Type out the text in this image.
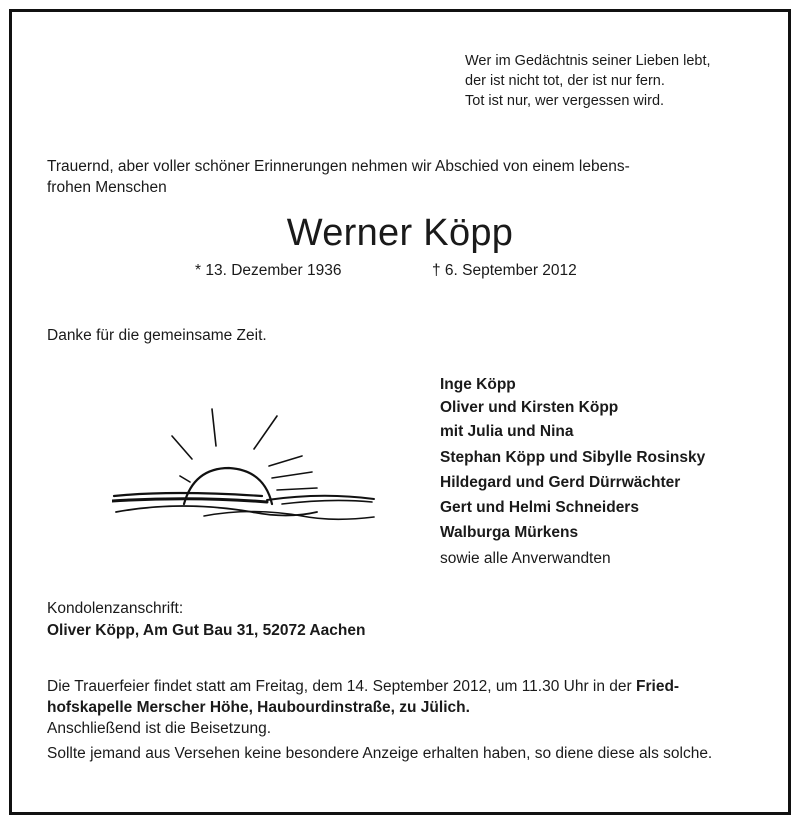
Wer im Gedächtnis seiner Lieben lebt,
der ist nicht tot, der ist nur fern.
Tot ist nur, wer vergessen wird.
Trauernd, aber voller schöner Erinnerungen nehmen wir Abschied von einem lebens-
frohen Menschen
Werner Köpp
* 13. Dezember 1936	† 6. September 2012
Danke für die gemeinsame Zeit.
Inge Köpp
Oliver und Kirsten Köpp
mit Julia und Nina
Stephan Köpp und Sibylle Rosinsky
Hildegard und Gerd Dürrwächter
Gert und Helmi Schneiders
Walburga Mürkens
sowie alle Anverwandten
Kondolenzanschrift:
Oliver Köpp, Am Gut Bau 31, 52072 Aachen

Die Trauerfeier findet statt am Freitag, dem 14. September 2012, um 11.30 Uhr in der Fried-

hofskapelle Merscher Höhe, Haubourdinstraße, zu Jülich.

Anschließend ist die Beisetzung.

Sollte jemand aus Versehen keine besondere Anzeige erhalten haben, so diene diese als solche.
